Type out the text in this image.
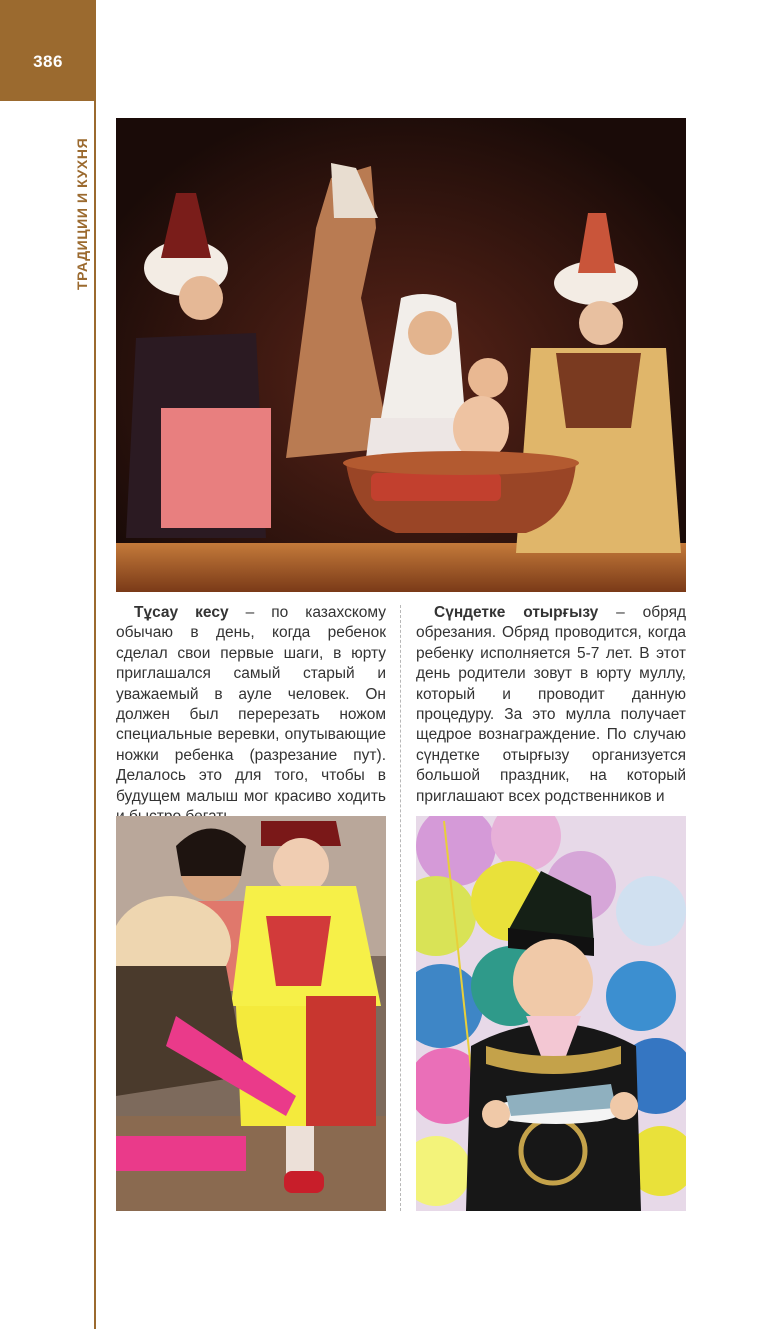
386
ТРАДИЦИИ И КУХНЯ

Тұсау кесу – по казахскому обычаю в день, когда ребенок сделал свои первые шаги, в юрту приглашался самый старый и уважаемый в ауле человек. Он должен был перерезать ножом специальные веревки, опутывающие ножки ребенка (разрезание пут). Делалось это для того, чтобы в будущем малыш мог красиво ходить

Сүндетке отырғызу – обряд обрезания. Обряд проводится, когда ребенку исполняется 5-7 лет. В этот день родители зовут в юрту муллу, который и проводит данную процедуру. За это мулла получает щедрое вознаграждение. По случаю сүндетке отырғызу организуется большой праздник, на который приглашают всех родственников и
